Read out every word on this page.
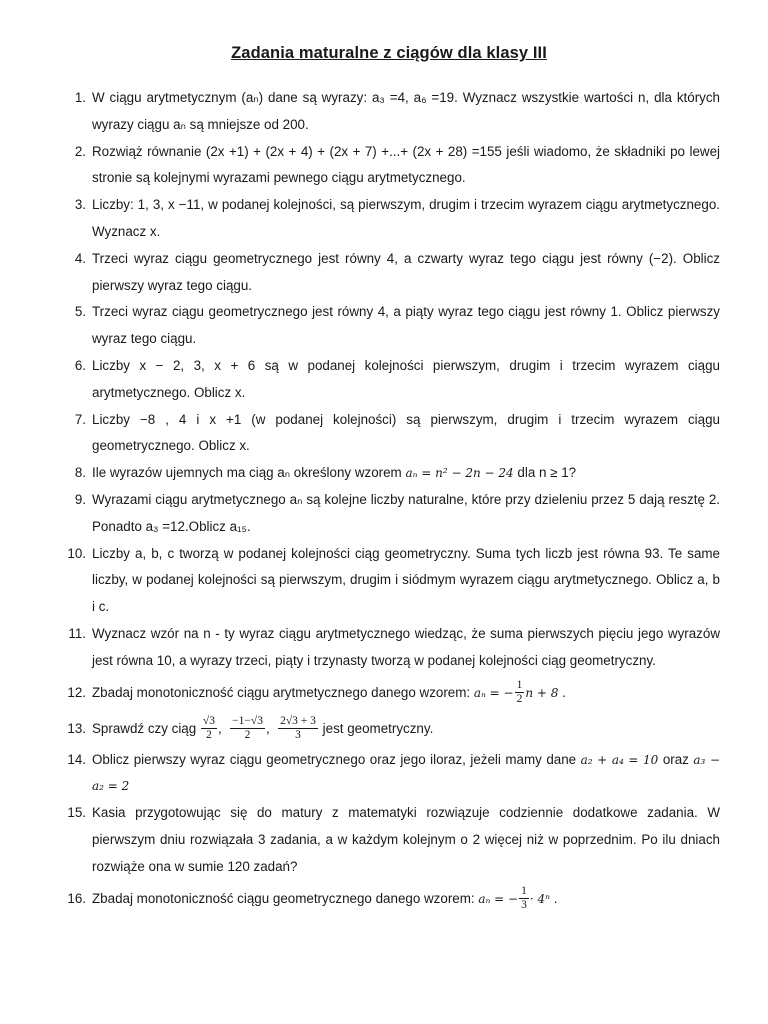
Zadania maturalne z ciągów dla klasy III
1. W ciągu arytmetycznym (aₙ) dane są wyrazy: a₃ =4, a₆ =19. Wyznacz wszystkie wartości n, dla których wyrazy ciągu aₙ są mniejsze od 200.
2. Rozwiąż równanie (2x +1) + (2x + 4) + (2x + 7) +...+ (2x + 28) =155 jeśli wiadomo, że składniki po lewej stronie są kolejnymi wyrazami pewnego ciągu arytmetycznego.
3. Liczby: 1, 3, x −11, w podanej kolejności, są pierwszym, drugim i trzecim wyrazem ciągu arytmetycznego. Wyznacz x.
4. Trzeci wyraz ciągu geometrycznego jest równy 4, a czwarty wyraz tego ciągu jest równy (−2). Oblicz pierwszy wyraz tego ciągu.
5. Trzeci wyraz ciągu geometrycznego jest równy 4, a piąty wyraz tego ciągu jest równy 1. Oblicz pierwszy wyraz tego ciągu.
6. Liczby x − 2, 3, x + 6 są w podanej kolejności pierwszym, drugim i trzecim wyrazem ciągu arytmetycznego. Oblicz x.
7. Liczby −8 , 4 i x +1 (w podanej kolejności) są pierwszym, drugim i trzecim wyrazem ciągu geometrycznego. Oblicz x.
8. Ile wyrazów ujemnych ma ciąg aₙ określony wzorem aₙ = n² − 2n − 24 dla n ≥ 1?
9. Wyrazami ciągu arytmetycznego aₙ są kolejne liczby naturalne, które przy dzieleniu przez 5 dają resztę 2. Ponadto a₃ =12.Oblicz a₁₅.
10. Liczby a, b, c tworzą w podanej kolejności ciąg geometryczny. Suma tych liczb jest równa 93. Te same liczby, w podanej kolejności są pierwszym, drugim i siódmym wyrazem ciągu arytmetycznego. Oblicz a, b i c.
11. Wyznacz wzór na n - ty wyraz ciągu arytmetycznego wiedząc, że suma pierwszych pięciu jego wyrazów jest równa 10, a wyrazy trzeci, piąty i trzynasty tworzą w podanej kolejności ciąg geometryczny.
12. Zbadaj monotoniczność ciągu arytmetycznego danego wzorem: aₙ = − $\frac{1}{2}$ n + 8 .
13. Sprawdź czy ciąg $\frac{√3}{2}$ , $\frac{-1-√3}{2}$ , $\frac{2√3 + 3}{3}$ jest geometryczny.
14. Oblicz pierwszy wyraz ciągu geometrycznego oraz jego iloraz, jeżeli mamy dane a₂ + a₄ = 10 oraz a₃ − a₂ = 2
15. Kasia przygotowując się do matury z matematyki rozwiązuje codziennie dodatkowe zadania. W pierwszym dniu rozwiązała 3 zadania, a w każdym kolejnym o 2 więcej niż w poprzednim. Po ilu dniach rozwiąże ona w sumie 120 zadań?
16. Zbadaj monotoniczność ciągu geometrycznego danego wzorem: aₙ = − $\frac{1}{3} \cdot 4^n$ .
